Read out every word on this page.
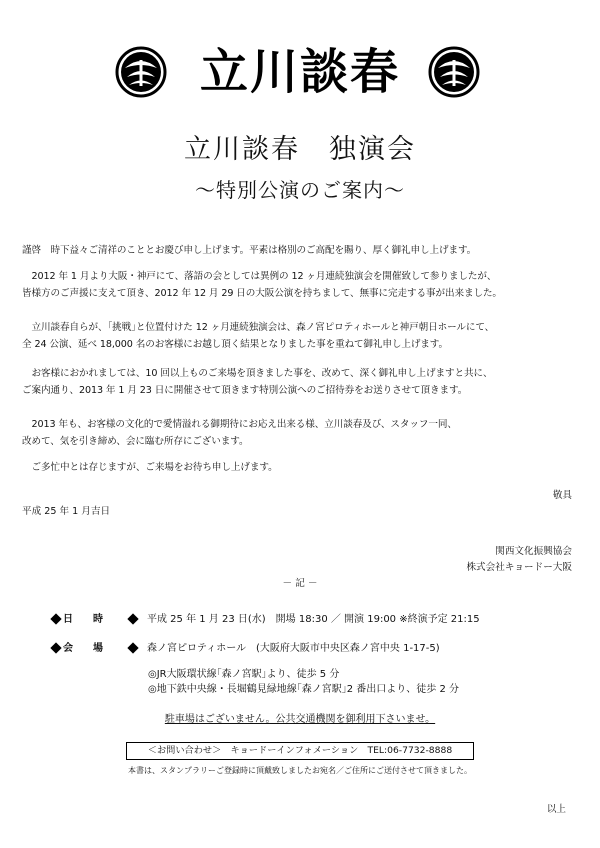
立川談春
立川談春　独演会
〜特別公演のご案内〜
謹啓　時下益々ご清祥のこととお慶び申し上げます。平素は格別のご高配を賜り、厚く御礼申し上げます。
　2012 年 1 月より大阪・神戸にて、落語の会としては異例の 12 ヶ月連続独演会を開催致して参りましたが、
皆様方のご声援に支えて頂き、2012 年 12 月 29 日の大阪公演を持ちまして、無事に完走する事が出来ました。
　立川談春自らが、｢挑戦｣と位置付けた 12 ヶ月連続独演会は、森ノ宮ピロティホールと神戸朝日ホールにて、
全 24 公演、延べ 18,000 名のお客様にお越し頂く結果となりました事を重ねて御礼申し上げます。
　お客様におかれましては、10 回以上ものご来場を頂きました事を、改めて、深く御礼申し上げますと共に、
ご案内通り、2013 年 1 月 23 日に開催させて頂きます特別公演へのご招待券をお送りさせて頂きます。
　2013 年も、お客様の文化的で愛情溢れる御期待にお応え出来る様、立川談春及び、スタッフ一同、
改めて、気を引き締め、会に臨む所存にございます。
　ご多忙中とは存じますが、ご来場をお待ち申し上げます。
敬具
平成 25 年 1 月吉日
関西文化振興協会
株式会社キョードー大阪
－ 記 －
日　　時	平成 25 年 1 月 23 日(水)　開場 18:30 ／ 開演 19:00 ※終演予定 21:15
会　　場	森ノ宮ピロティホール　(大阪府大阪市中央区森ノ宮中央 1-17-5)
◎JR大阪環状線｢森ノ宮駅｣より、徒歩 5 分
◎地下鉄中央線・長堀鶴見緑地線｢森ノ宮駅｣2 番出口より、徒歩 2 分
駐車場はございません。公共交通機関を御利用下さいませ。
＜お問い合わせ＞　キョードーインフォメーション　TEL:06-7732-8888
本書は、スタンプラリーご登録時に頂戴致しましたお宛名／ご住所にご送付させて頂きました。
以上
